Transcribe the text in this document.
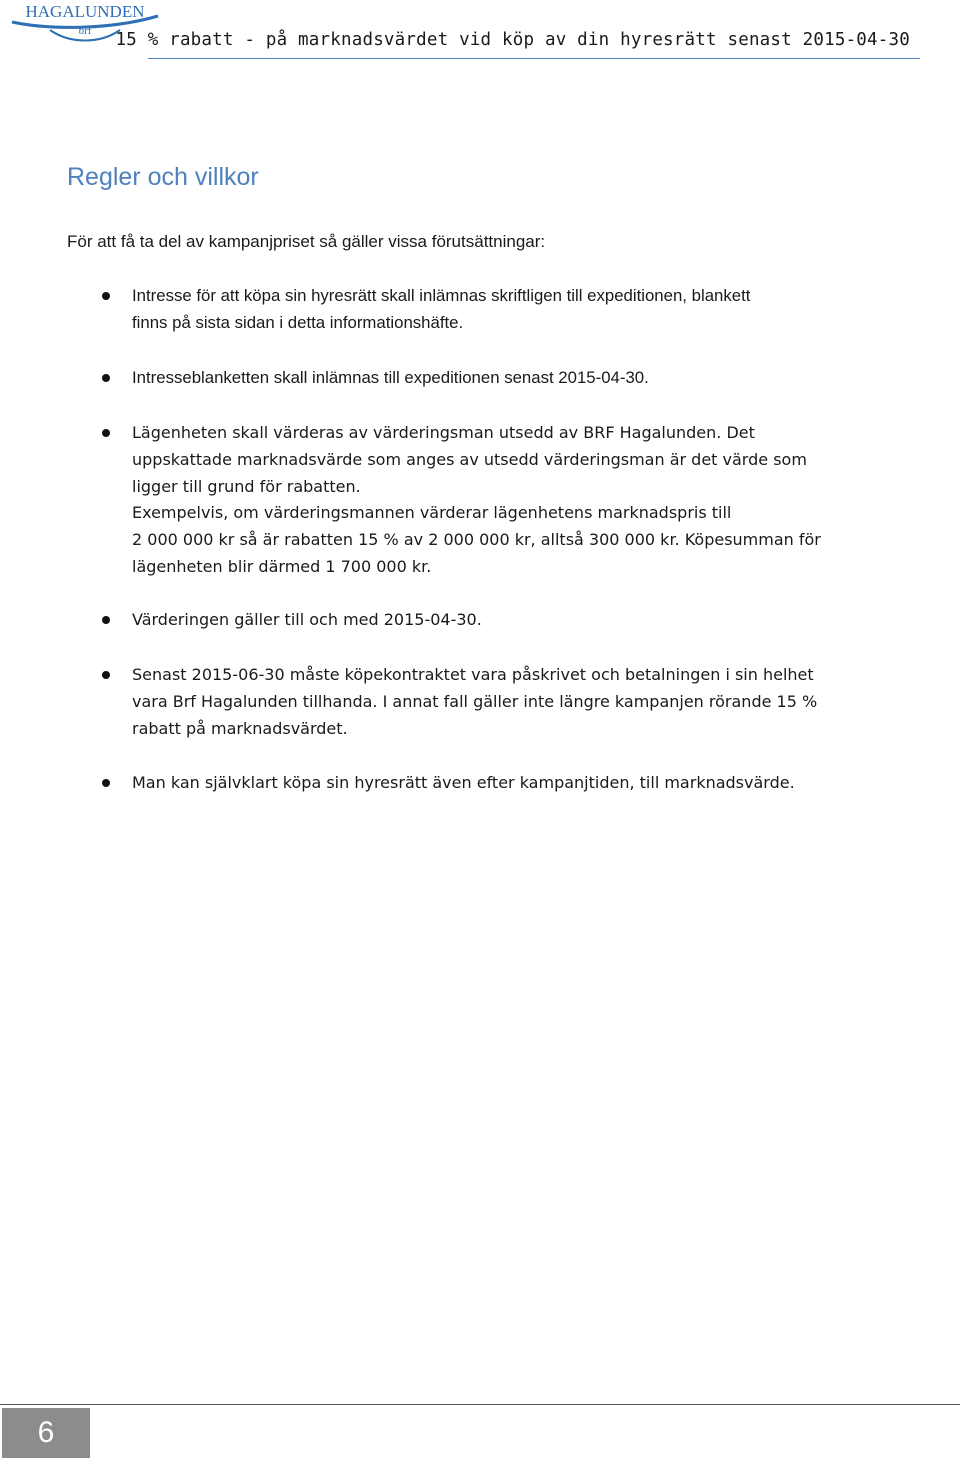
HAGALUNDEN
brf 15 % rabatt - på marknadsvärdet vid köp av din hyresrätt senast 2015-04-30
Regler och villkor

För att få ta del av kampanjpriset så gäller vissa förutsättningar:

Intresse för att köpa sin hyresrätt skall inlämnas skriftligen till expeditionen, blankett

finns på sista sidan i detta informationshäfte.

Intresseblanketten skall inlämnas till expeditionen senast 2015-04-30.

Lägenheten skall värderas av värderingsman utsedd av BRF Hagalunden. Det

uppskattade marknadsvärde som anges av utsedd värderingsman är det värde som

ligger till grund för rabatten.

Exempelvis, om värderingsmannen värderar lägenhetens marknadspris till

2 000 000 kr så är rabatten 15 % av 2 000 000 kr, alltså 300 000 kr. Köpesumman för

lägenheten blir därmed 1 700 000 kr.

Värderingen gäller till och med 2015-04-30.

Senast 2015-06-30 måste köpekontraktet vara påskrivet och betalningen i sin helhet

vara Brf Hagalunden tillhanda. I annat fall gäller inte längre kampanjen rörande 15 %

rabatt på marknadsvärdet.

Man kan självklart köpa sin hyresrätt även efter kampanjtiden, till marknadsvärde.

6
